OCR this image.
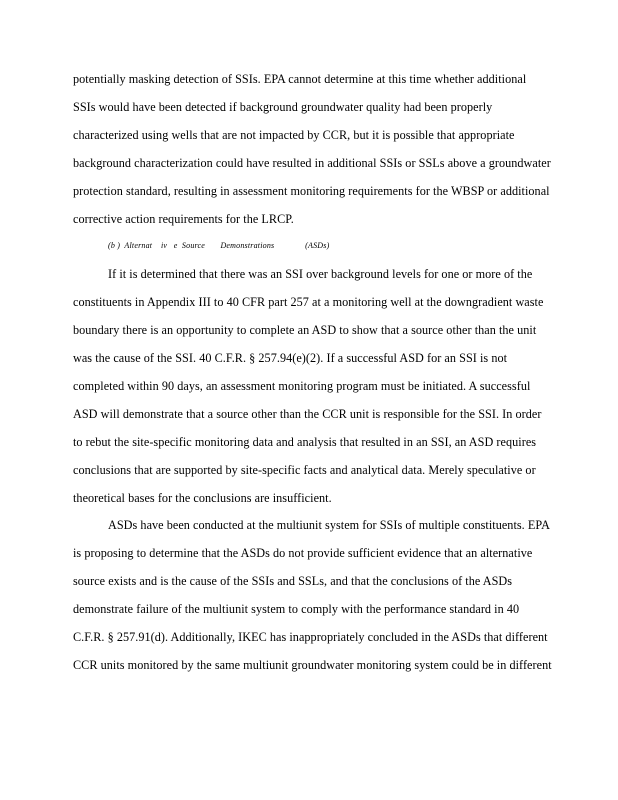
potentially masking detection of SSIs. EPA cannot determine at this time whether additional
SSIs would have been detected if background groundwater quality had been properly
characterized using wells that are not impacted by CCR, but it is possible that appropriate
background characterization could have resulted in additional SSIs or SSLs above a groundwater
protection standard, resulting in assessment monitoring requirements for the WBSP or additional
corrective action requirements for the LRCP.
(b )  Alternat    iv   e  Source       Demonstrations              (ASDs)
If it is determined that there was an SSI over background levels for one or more of the
constituents in Appendix III to 40 CFR part 257 at a monitoring well at the downgradient waste
boundary there is an opportunity to complete an ASD to show that a source other than the unit
was the cause of the SSI. 40 C.F.R. § 257.94(e)(2). If a successful ASD for an SSI is not
completed within 90 days, an assessment monitoring program must be initiated. A successful
ASD will demonstrate that a source other than the CCR unit is responsible for the SSI. In order
to rebut the site-specific monitoring data and analysis that resulted in an SSI, an ASD requires
conclusions that are supported by site-specific facts and analytical data. Merely speculative or
theoretical bases for the conclusions are insufficient.
ASDs have been conducted at the multiunit system for SSIs of multiple constituents. EPA
is proposing to determine that the ASDs do not provide sufficient evidence that an alternative
source exists and is the cause of the SSIs and SSLs, and that the conclusions of the ASDs
demonstrate failure of the multiunit system to comply with the performance standard in 40
C.F.R. § 257.91(d). Additionally, IKEC has inappropriately concluded in the ASDs that different
CCR units monitored by the same multiunit groundwater monitoring system could be in different
